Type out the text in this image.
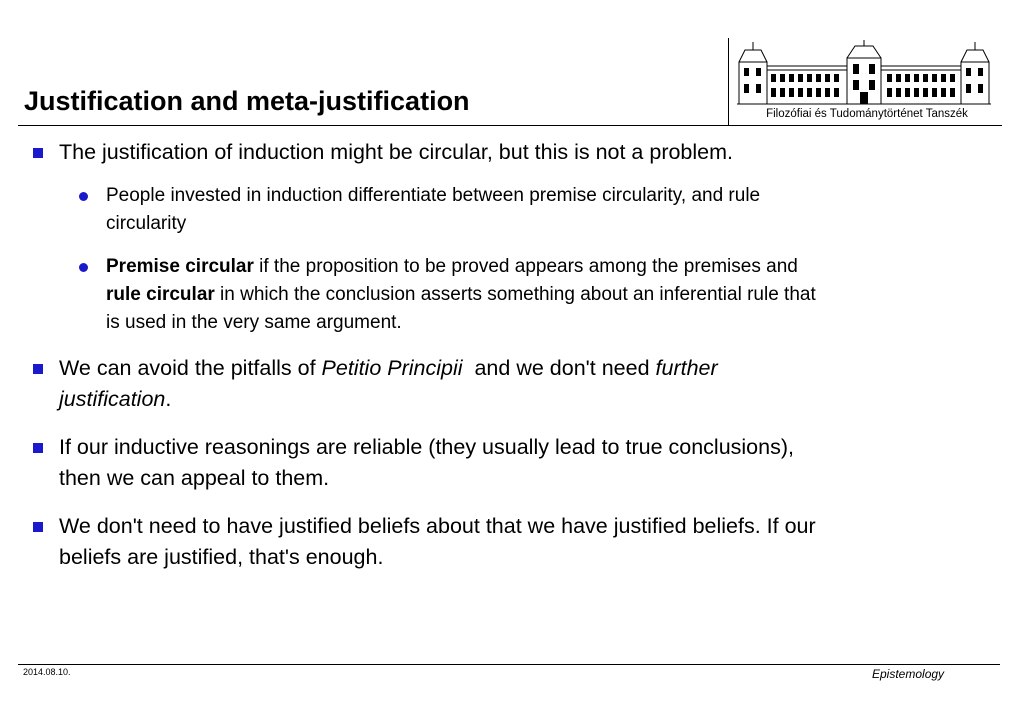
Justification and meta-justification	Filozófiai és Tudománytörténet Tanszék
The justification of induction might be circular, but this is not a problem.
People invested in induction differentiate between premise circularity, and rule
circularity
Premise circular if the proposition to be proved appears among the premises and
rule circular in which the conclusion asserts something about an inferential rule that
is used in the very same argument.
We can avoid the pitfalls of Petitio Principii  and we don't need further
justification.
If our inductive reasonings are reliable (they usually lead to true conclusions),
then we can appeal to them.
We don't need to have justified beliefs about that we have justified beliefs. If our
beliefs are justified, that's enough.
2014.08.10.	Epistemology
